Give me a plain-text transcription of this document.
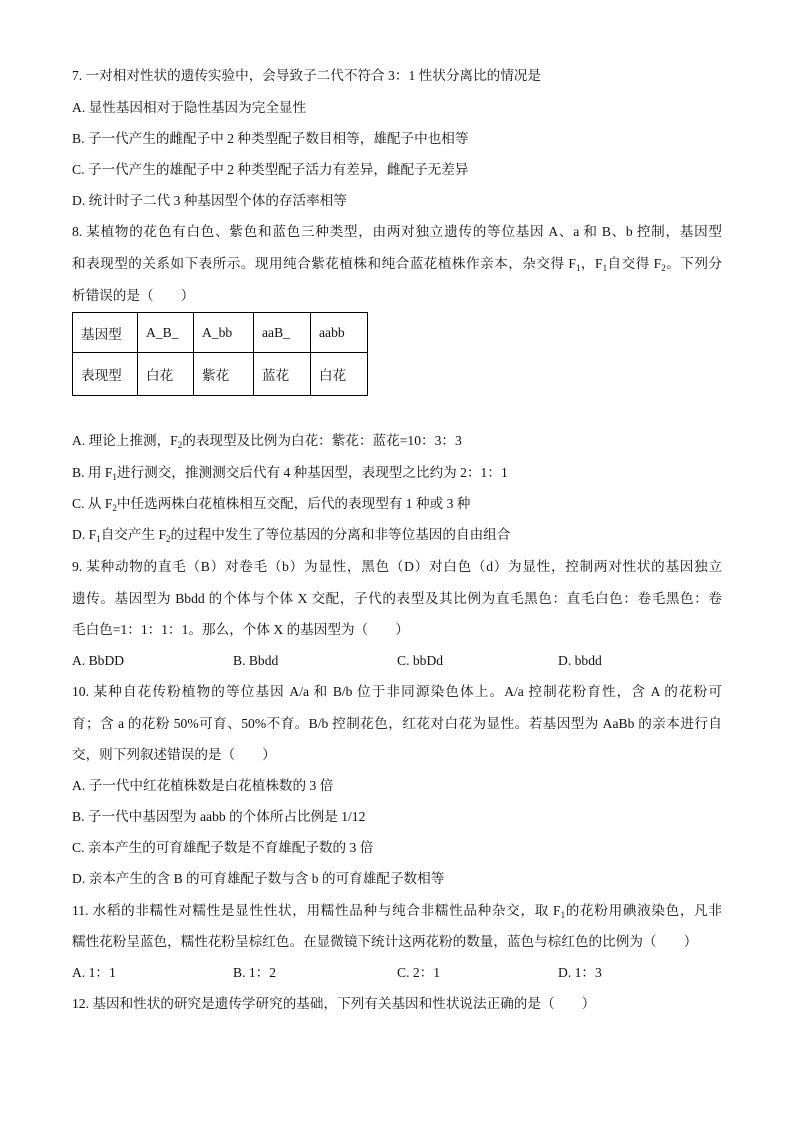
7. 一对相对性状的遗传实验中，会导致子二代不符合 3：1 性状分离比的情况是
A. 显性基因相对于隐性基因为完全显性
B. 子一代产生的雌配子中 2 种类型配子数目相等，雄配子中也相等
C. 子一代产生的雄配子中 2 种类型配子活力有差异，雌配子无差异
D. 统计时子二代 3 种基因型个体的存活率相等
8. 某植物的花色有白色、紫色和蓝色三种类型，由两对独立遗传的等位基因 A、a 和 B、b 控制，基因型
和表现型的关系如下表所示。现用纯合紫花植株和纯合蓝花植株作亲本，杂交得 $F_1$，$F_1$自交得 $F_2$。下列分
析错误的是（　　）
基因型	A_B_	A_bb	aaB_	aabb
表现型	白花	紫花	蓝花	白花
A. 理论上推测，$F_2$的表现型及比例为白花：紫花：蓝花=10：3：3
B. 用 $F_1$进行测交，推测测交后代有 4 种基因型，表现型之比约为 2：1：1
C. 从 $F_2$中任选两株白花植株相互交配，后代的表现型有 1 种或 3 种
D. $F_1$自交产生 $F_2$的过程中发生了等位基因的分离和非等位基因的自由组合
9. 某种动物的直毛（B）对卷毛（b）为显性，黑色（D）对白色（d）为显性，控制两对性状的基因独立
遗传。基因型为 Bbdd 的个体与个体 X 交配，子代的表型及其比例为直毛黑色：直毛白色：卷毛黑色：卷
毛白色=1：1：1：1。那么，个体 X 的基因型为（　　）
A. BbDD	B. Bbdd	C. bbDd	D. bbdd
10. 某种自花传粉植物的等位基因 A/a 和 B/b 位于非同源染色体上。A/a 控制花粉育性，含 A 的花粉可
育；含 a 的花粉 50%可育、50%不育。B/b 控制花色，红花对白花为显性。若基因型为 AaBb 的亲本进行自
交，则下列叙述错误的是（　　）
A. 子一代中红花植株数是白花植株数的 3 倍
B. 子一代中基因型为 aabb 的个体所占比例是 1/12
C. 亲本产生的可育雄配子数是不育雄配子数的 3 倍
D. 亲本产生的含 B 的可育雄配子数与含 b 的可育雄配子数相等
11. 水稻的非糯性对糯性是显性性状，用糯性品种与纯合非糯性品种杂交，取 $F_1$的花粉用碘液染色，凡非
糯性花粉呈蓝色，糯性花粉呈棕红色。在显微镜下统计这两花粉的数量，蓝色与棕红色的比例为（　　）
A. 1：1	B. 1：2	C. 2：1	D. 1：3
12. 基因和性状的研究是遗传学研究的基础，下列有关基因和性状说法正确的是（　　）
